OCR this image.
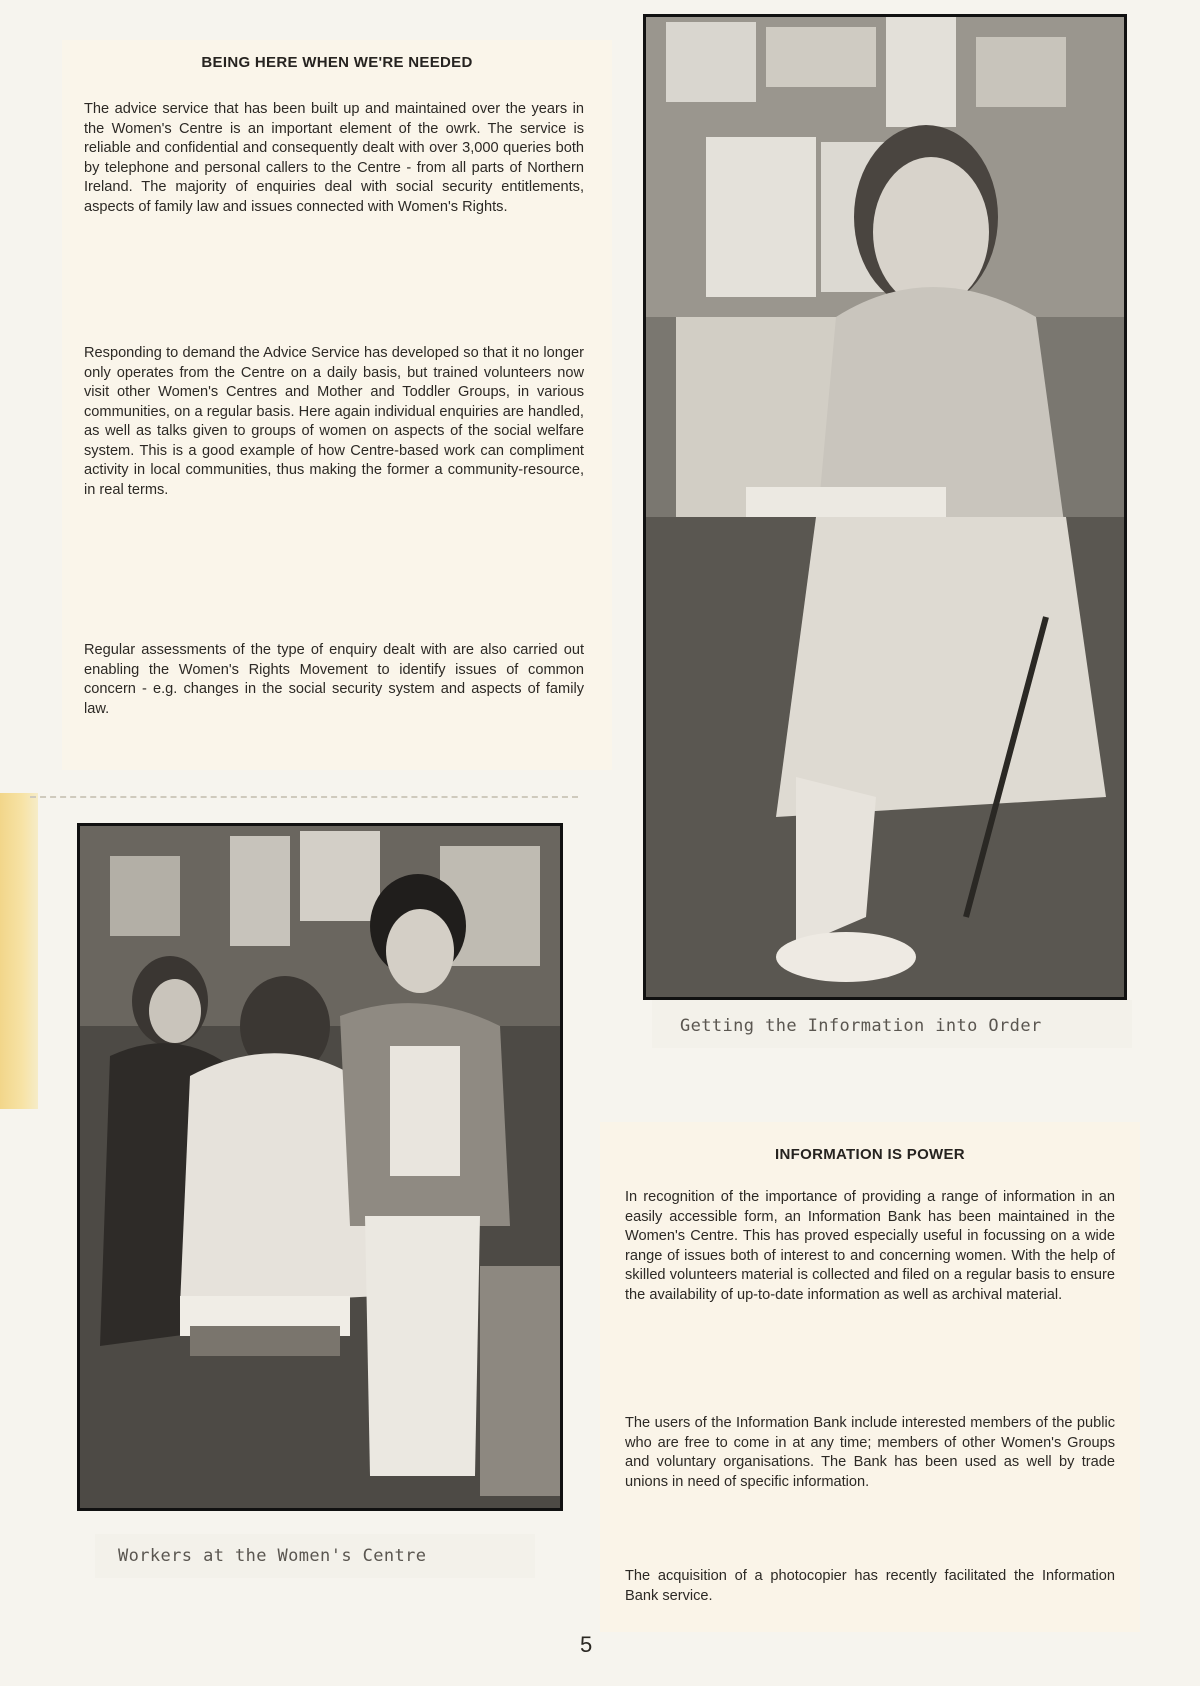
BEING HERE WHEN WE'RE NEEDED

The advice service that has been built up and maintained over the years in the Women's Centre is an important element of the owrk. The service is reliable and confidential and consequently dealt with over 3,000 queries both by telephone and personal callers to the Centre - from all parts of Northern Ireland. The majority of enquiries deal with social security entitlements, aspects of family law and issues connected with Women's Rights.

Responding to demand the Advice Service has developed so that it no longer only operates from the Centre on a daily basis, but trained volunteers now visit other Women's Centres and Mother and Toddler Groups, in various communities, on a regular basis. Here again individual enquiries are handled, as well as talks given to groups of women on aspects of the social welfare system. This is a good example of how Centre-based work can compliment activity in local communities, thus making the former a community-resource, in real terms.

Regular assessments of the type of enquiry dealt with are also carried out enabling the Women's Rights Movement to identify issues of common concern - e.g. changes in the social security system and aspects of family law.

Getting the Information into Order
Workers at the Women's Centre
INFORMATION IS POWER

In recognition of the importance of providing a range of information in an easily accessible form, an Information Bank has been maintained in the Women's Centre. This has proved especially useful in focussing on a wide range of issues both of interest to and concerning women. With the help of skilled volunteers material is collected and filed on a regular basis to ensure the availability of up-to-date information as well as archival material.

The users of the Information Bank include interested members of the public who are free to come in at any time; members of other Women's Groups and voluntary organisations. The Bank has been used as well by trade unions in need of specific information.

The acquisition of a photocopier has recently facilitated the Information Bank service.

5
